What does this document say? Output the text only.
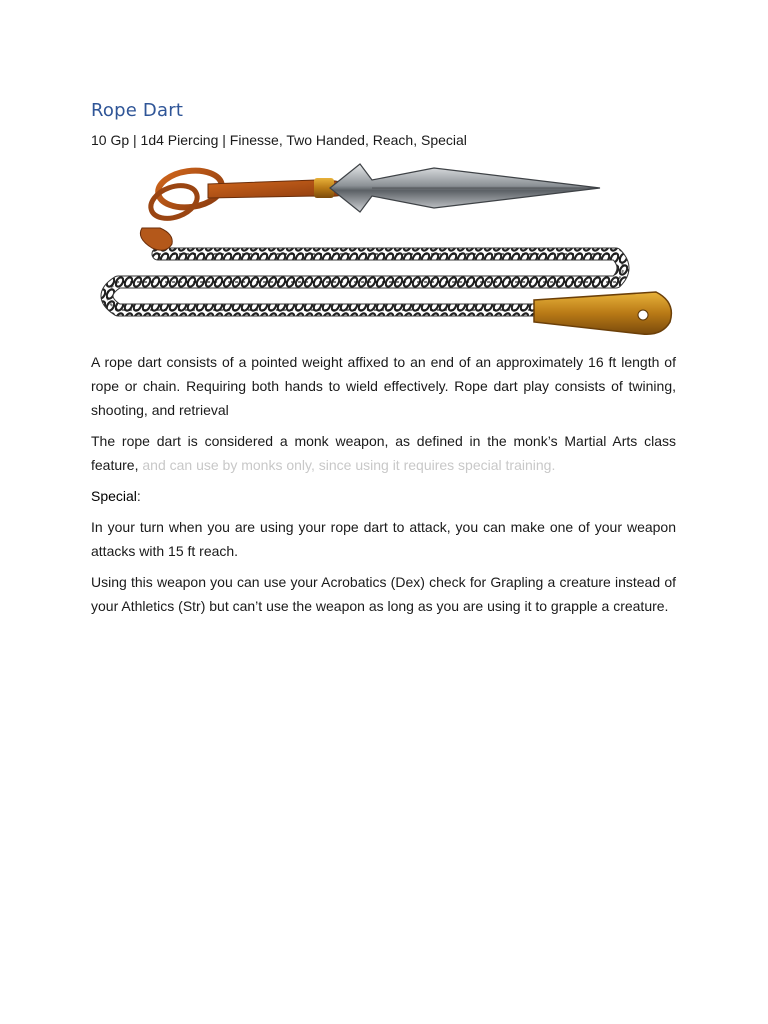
Rope Dart
10 Gp | 1d4 Piercing | Finesse, Two Handed, Reach, Special

A rope dart consists of a pointed weight affixed to an end of an approximately 16 ft length of rope or chain. Requiring both hands to wield effectively. Rope dart play consists of twining, shooting, and retrieval

The rope dart is considered a monk weapon, as defined in the monk’s Martial Arts class feature, and can use by monks only, since using it requires special training.

Special:

In your turn when you are using your rope dart to attack, you can make one of your weapon attacks with 15 ft reach.

Using this weapon you can use your Acrobatics (Dex) check for Grapling a creature instead of your Athletics (Str) but can’t use the weapon as long as you are using it to grapple a creature.
